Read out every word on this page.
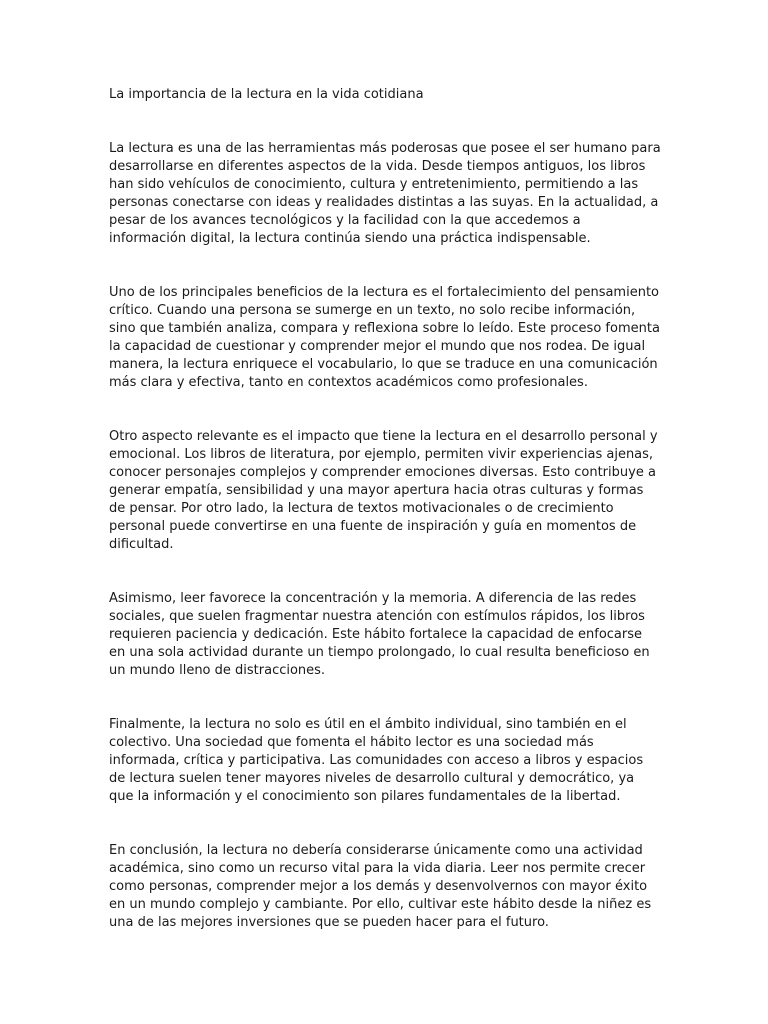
La importancia de la lectura en la vida cotidiana

La lectura es una de las herramientas más poderosas que posee el ser humano para desarrollarse en diferentes aspectos de la vida. Desde tiempos antiguos, los libros han sido vehículos de conocimiento, cultura y entretenimiento, permitiendo a las personas conectarse con ideas y realidades distintas a las suyas. En la actualidad, a pesar de los avances tecnológicos y la facilidad con la que accedemos a información digital, la lectura continúa siendo una práctica indispensable.

Uno de los principales beneficios de la lectura es el fortalecimiento del pensamiento crítico. Cuando una persona se sumerge en un texto, no solo recibe información, sino que también analiza, compara y reflexiona sobre lo leído. Este proceso fomenta la capacidad de cuestionar y comprender mejor el mundo que nos rodea. De igual manera, la lectura enriquece el vocabulario, lo que se traduce en una comunicación más clara y efectiva, tanto en contextos académicos como profesionales.

Otro aspecto relevante es el impacto que tiene la lectura en el desarrollo personal y emocional. Los libros de literatura, por ejemplo, permiten vivir experiencias ajenas, conocer personajes complejos y comprender emociones diversas. Esto contribuye a generar empatía, sensibilidad y una mayor apertura hacia otras culturas y formas de pensar. Por otro lado, la lectura de textos motivacionales o de crecimiento personal puede convertirse en una fuente de inspiración y guía en momentos de dificultad.

Asimismo, leer favorece la concentración y la memoria. A diferencia de las redes sociales, que suelen fragmentar nuestra atención con estímulos rápidos, los libros requieren paciencia y dedicación. Este hábito fortalece la capacidad de enfocarse en una sola actividad durante un tiempo prolongado, lo cual resulta beneficioso en un mundo lleno de distracciones.

Finalmente, la lectura no solo es útil en el ámbito individual, sino también en el colectivo. Una sociedad que fomenta el hábito lector es una sociedad más informada, crítica y participativa. Las comunidades con acceso a libros y espacios de lectura suelen tener mayores niveles de desarrollo cultural y democrático, ya que la información y el conocimiento son pilares fundamentales de la libertad.

En conclusión, la lectura no debería considerarse únicamente como una actividad académica, sino como un recurso vital para la vida diaria. Leer nos permite crecer como personas, comprender mejor a los demás y desenvolvernos con mayor éxito en un mundo complejo y cambiante. Por ello, cultivar este hábito desde la niñez es una de las mejores inversiones que se pueden hacer para el futuro.
